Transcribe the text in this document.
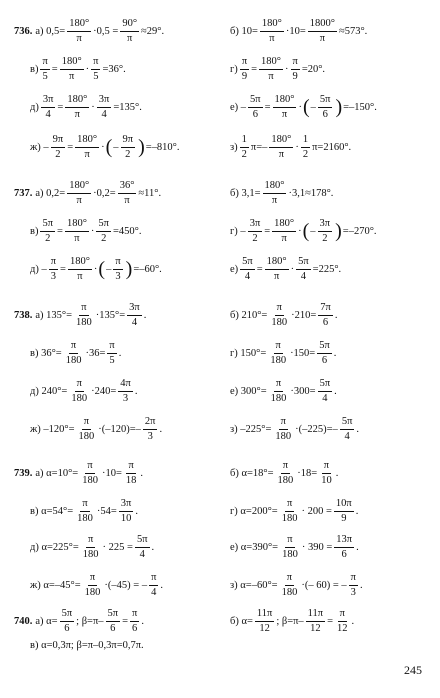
736. а) $0,5= \frac{180^\circ}{\pi} \cdot 0,5 = \frac{90^\circ}{\pi} \approx 29^\circ$.	б) $10= \frac{180^\circ}{\pi} \cdot 10= \frac{1800^\circ}{\pi} \approx 573^\circ$.
$в) \frac{\pi}{5} = \frac{180^\circ}{\pi} \cdot \frac{\pi}{5} =36^\circ$.	$г) \frac{\pi}{9} = \frac{180^\circ}{\pi} \cdot \frac{\pi}{9} =20^\circ$.
$д) \frac{3\pi}{4} = \frac{180^\circ}{\pi} \cdot \frac{3\pi}{4} =135^\circ$.	$е) - \frac{5\pi}{6} = \frac{180^\circ}{\pi}$ · ( – $\frac{5\pi}{6}$ ) =–150°.
$ж) - \frac{9\pi}{2} = \frac{180^\circ}{\pi}$ · ( – $\frac{9\pi}{2}$ ) =–810°.	$з) \frac{1}{2} \pi=- \frac{180^\circ}{\pi} \cdot \frac{1}{2} \pi=2160^\circ$.
737. а) $0,2= \frac{180^\circ}{\pi} \cdot 0,2= \frac{36^\circ}{\pi} \approx 11^\circ$.	б) $3,1= \frac{180^\circ}{\pi} \cdot 3,1\approx 178^\circ$.
$в) \frac{5\pi}{2} = \frac{180^\circ}{\pi} \cdot \frac{5\pi}{2} =450^\circ$.	$г) - \frac{3\pi}{2} = \frac{180^\circ}{\pi}$ · ( – $\frac{3\pi}{2}$ ) =–270°.
$д) - \frac{\pi}{3} = \frac{180^\circ}{\pi}$ · ( – $\frac{\pi}{3}$ ) =–60°.	$е) \frac{5\pi}{4} = \frac{180^\circ}{\pi} \cdot \frac{5\pi}{4} =225^\circ$.
738. а) $135^\circ= \frac{\pi}{180} \cdot 135^\circ= \frac{3\pi}{4}$ .	б) $210^\circ= \frac{\pi}{180} \cdot 210= \frac{7\pi}{6}$ .
в) $36^\circ= \frac{\pi}{180} \cdot 36= \frac{\pi}{5}$ .	г) $150^\circ= \frac{\pi}{180} \cdot 150= \frac{5\pi}{6}$ .
д) $240^\circ= \frac{\pi}{180} \cdot 240= \frac{4\pi}{3}$ .	е) $300^\circ= \frac{\pi}{180} \cdot 300= \frac{5\pi}{4}$ .
ж) $-120^\circ= \frac{\pi}{180} \cdot(-120)=- \frac{2\pi}{3}$ .	з) $-225^\circ= \frac{\pi}{180} \cdot(-225)=- \frac{5\pi}{4}$ .
739. а) $\alpha=10^\circ= \frac{\pi}{180} \cdot 10= \frac{\pi}{18}$ .	б) $\alpha=18^\circ= \frac{\pi}{180} \cdot 18= \frac{\pi}{10}$ .
в) $\alpha=54^\circ= \frac{\pi}{180} \cdot 54= \frac{3\pi}{10}$ .	г) $\alpha=200^\circ= \frac{\pi}{180} \cdot 200 = \frac{10\pi}{9}$ .
д) $\alpha=225^\circ= \frac{\pi}{180} \cdot 225 = \frac{5\pi}{4}$ .	е) $\alpha=390^\circ= \frac{\pi}{180} \cdot 390 = \frac{13\pi}{6}$ .
ж) $\alpha=-45^\circ= \frac{\pi}{180} \cdot(-45)$ = – $\frac{\pi}{4}$ .	з) $\alpha=-60^\circ= \frac{\pi}{180}$ ·(– 60) = – $\frac{\pi}{3}$ .
740. а) $\alpha= \frac{5\pi}{6}$ ; $\beta=\pi- \frac{5\pi}{6} = \frac{\pi}{6}$ .	б) $\alpha= \frac{11\pi}{12}$ ; $\beta=\pi- \frac{11\pi}{12} = \frac{\pi}{12}$ .
в) α=0,3π; β=π–0,3π=0,7π.
245
